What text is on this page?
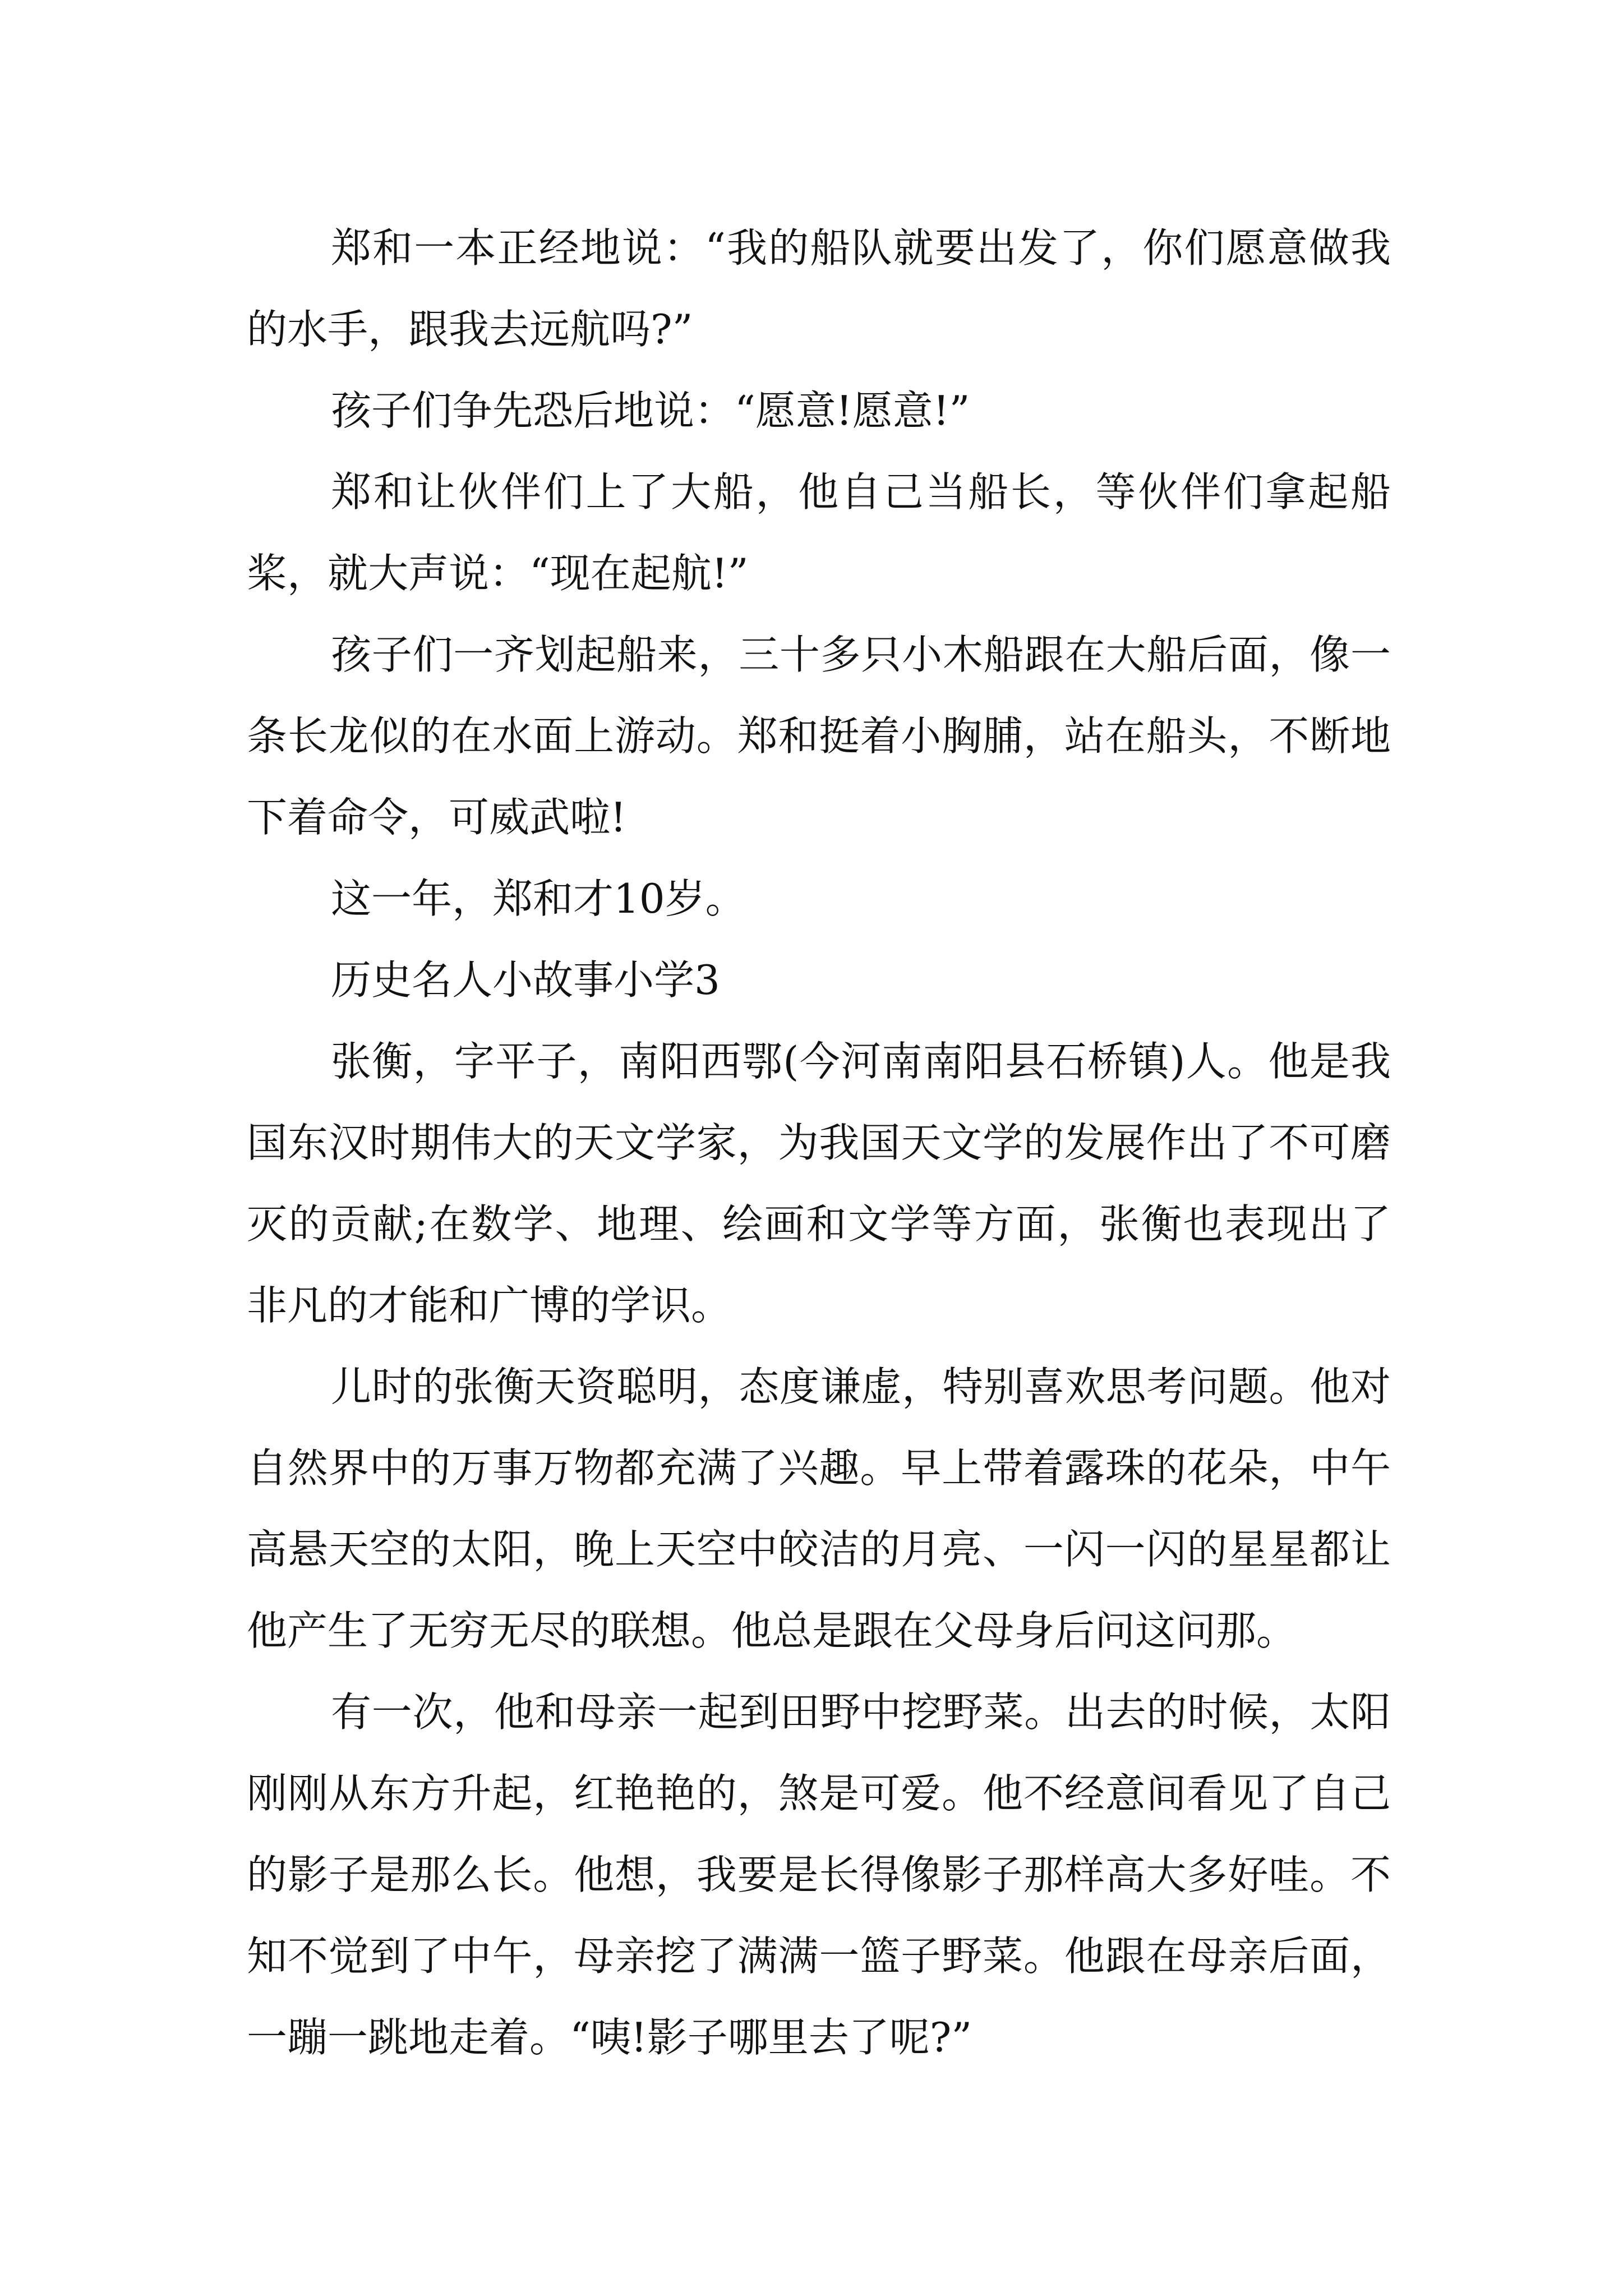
郑和一本正经地说：“我的船队就要出发了，你们愿意做我的水手，跟我去远航吗?”

孩子们争先恐后地说：“愿意!愿意!”

郑和让伙伴们上了大船，他自己当船长，等伙伴们拿起船桨，就大声说：“现在起航!”

孩子们一齐划起船来，三十多只小木船跟在大船后面，像一条长龙似的在水面上游动。郑和挺着小胸脯，站在船头，不断地下着命令，可威武啦!

这一年，郑和才10岁。

历史名人小故事小学3

张衡，字平子，南阳西鄂(今河南南阳县石桥镇)人。他是我国东汉时期伟大的天文学家，为我国天文学的发展作出了不可磨灭的贡献;在数学、地理、绘画和文学等方面，张衡也表现出了非凡的才能和广博的学识。

儿时的张衡天资聪明，态度谦虚，特别喜欢思考问题。他对自然界中的万事万物都充满了兴趣。早上带着露珠的花朵，中午高悬天空的太阳，晚上天空中皎洁的月亮、一闪一闪的星星都让他产生了无穷无尽的联想。他总是跟在父母身后问这问那。

有一次，他和母亲一起到田野中挖野菜。出去的时候，太阳刚刚从东方升起，红艳艳的，煞是可爱。他不经意间看见了自己的影子是那么长。他想，我要是长得像影子那样高大多好哇。不知不觉到了中午，母亲挖了满满一篮子野菜。他跟在母亲后面，一蹦一跳地走着。“咦!影子哪里去了呢?”
